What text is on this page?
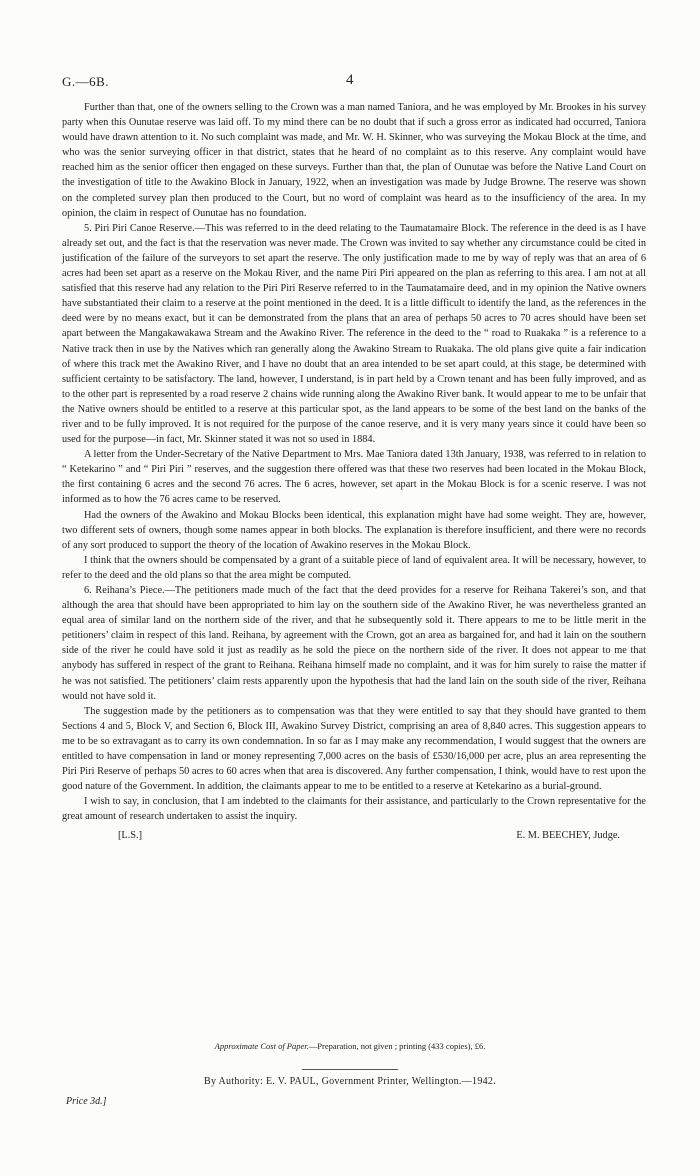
G.—6B.	4

Further than that, one of the owners selling to the Crown was a man named Taniora, and he was employed by Mr. Brookes in his survey party when this Ounutae reserve was laid off. To my mind there can be no doubt that if such a gross error as indicated had occurred, Taniora would have drawn attention to it. No such complaint was made, and Mr. W. H. Skinner, who was surveying the Mokau Block at the time, and who was the senior surveying officer in that district, states that he heard of no complaint as to this reserve. Any complaint would have reached him as the senior officer then engaged on these surveys. Further than that, the plan of Ounutae was before the Native Land Court on the investigation of title to the Awakino Block in January, 1922, when an investigation was made by Judge Browne. The reserve was shown on the completed survey plan then produced to the Court, but no word of complaint was heard as to the insufficiency of the area. In my opinion, the claim in respect of Ounutae has no foundation.

5. Piri Piri Canoe Reserve.—This was referred to in the deed relating to the Taumatamaire Block. The reference in the deed is as I have already set out, and the fact is that the reservation was never made. The Crown was invited to say whether any circumstance could be cited in justification of the failure of the surveyors to set apart the reserve. The only justification made to me by way of reply was that an area of 6 acres had been set apart as a reserve on the Mokau River, and the name Piri Piri appeared on the plan as referring to this area. I am not at all satisfied that this reserve had any relation to the Piri Piri Reserve referred to in the Taumatamaire deed, and in my opinion the Native owners have substantiated their claim to a reserve at the point mentioned in the deed. It is a little difficult to identify the land, as the references in the deed were by no means exact, but it can be demonstrated from the plans that an area of perhaps 50 acres to 70 acres should have been set apart between the Mangakawakawa Stream and the Awakino River. The reference in the deed to the “ road to Ruakaka ” is a reference to a Native track then in use by the Natives which ran generally along the Awakino Stream to Ruakaka. The old plans give quite a fair indication of where this track met the Awakino River, and I have no doubt that an area intended to be set apart could, at this stage, be determined with sufficient certainty to be satisfactory. The land, however, I understand, is in part held by a Crown tenant and has been fully improved, and as to the other part is represented by a road reserve 2 chains wide running along the Awakino River bank. It would appear to me to be unfair that the Native owners should be entitled to a reserve at this particular spot, as the land appears to be some of the best land on the banks of the river and to be fully improved. It is not required for the purpose of the canoe reserve, and it is very many years since it could have been so used for the purpose—in fact, Mr. Skinner stated it was not so used in 1884.

A letter from the Under-Secretary of the Native Department to Mrs. Mae Taniora dated 13th January, 1938, was referred to in relation to “ Ketekarino ” and “ Piri Piri ” reserves, and the suggestion there offered was that these two reserves had been located in the Mokau Block, the first containing 6 acres and the second 76 acres. The 6 acres, however, set apart in the Mokau Block is for a scenic reserve. I was not informed as to how the 76 acres came to be reserved.

Had the owners of the Awakino and Mokau Blocks been identical, this explanation might have had some weight. They are, however, two different sets of owners, though some names appear in both blocks. The explanation is therefore insufficient, and there were no records of any sort produced to support the theory of the location of Awakino reserves in the Mokau Block.

I think that the owners should be compensated by a grant of a suitable piece of land of equivalent area. It will be necessary, however, to refer to the deed and the old plans so that the area might be computed.

6. Reihana’s Piece.—The petitioners made much of the fact that the deed provides for a reserve for Reihana Takerei’s son, and that although the area that should have been appropriated to him lay on the southern side of the Awakino River, he was nevertheless granted an equal area of similar land on the northern side of the river, and that he subsequently sold it. There appears to me to be little merit in the petitioners’ claim in respect of this land. Reihana, by agreement with the Crown, got an area as bargained for, and had it lain on the southern side of the river he could have sold it just as readily as he sold the piece on the northern side of the river. It does not appear to me that anybody has suffered in respect of the grant to Reihana. Reihana himself made no complaint, and it was for him surely to raise the matter if he was not satisfied. The petitioners’ claim rests apparently upon the hypothesis that had the land lain on the south side of the river, Reihana would not have sold it.

The suggestion made by the petitioners as to compensation was that they were entitled to say that they should have granted to them Sections 4 and 5, Block V, and Section 6, Block III, Awakino Survey District, comprising an area of 8,840 acres. This suggestion appears to me to be so extravagant as to carry its own condemnation. In so far as I may make any recommendation, I would suggest that the owners are entitled to have compensation in land or money representing 7,000 acres on the basis of £530/16,000 per acre, plus an area representing the Piri Piri Reserve of perhaps 50 acres to 60 acres when that area is discovered. Any further compensation, I think, would have to rest upon the good nature of the Government. In addition, the claimants appear to me to be entitled to a reserve at Ketekarino as a burial-ground.

I wish to say, in conclusion, that I am indebted to the claimants for their assistance, and particularly to the Crown representative for the great amount of research undertaken to assist the inquiry.

[L.S.]	E. M. BEECHEY, Judge.
Approximate Cost of Paper.—Preparation, not given ; printing (433 copies), £6.
By Authority: E. V. PAUL, Government Printer, Wellington.—1942.
Price 3d.]
